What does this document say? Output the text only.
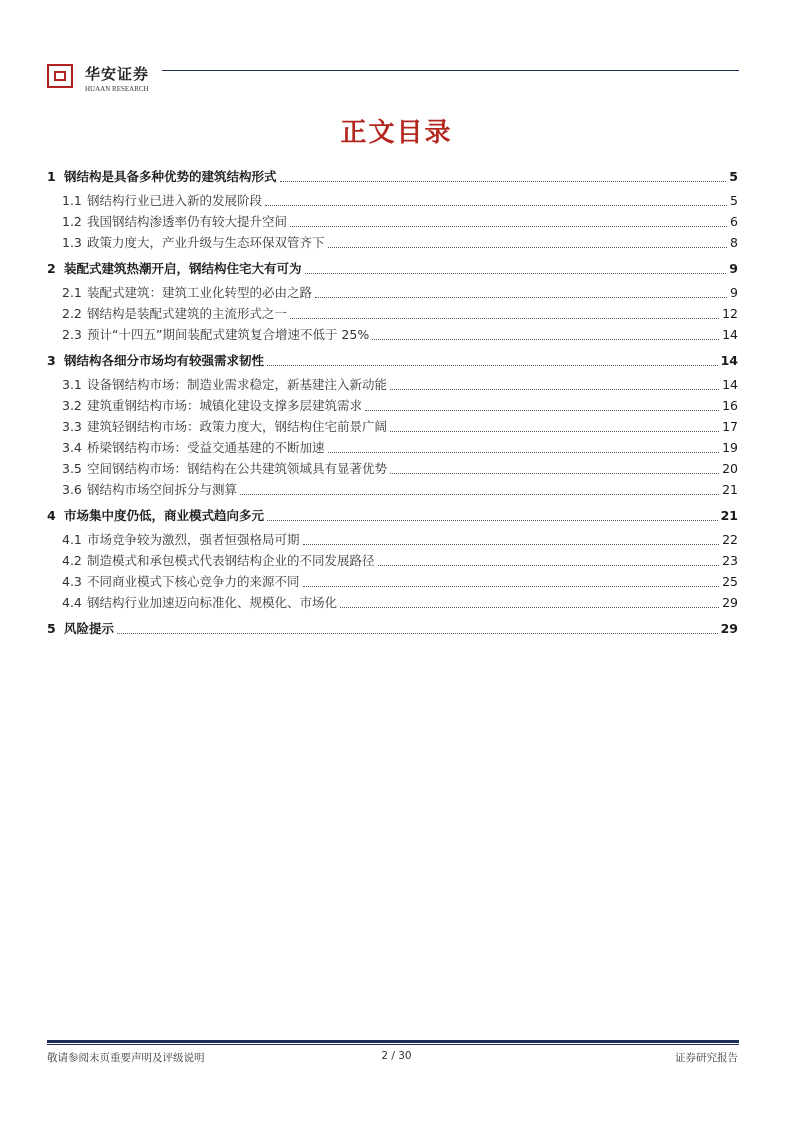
华安证券
HUAAN RESEARCH
正文目录
1 钢结构是具备多种优势的建筑结构形式	5
1.1 钢结构行业已进入新的发展阶段	5
1.2 我国钢结构渗透率仍有较大提升空间	6
1.3 政策力度大，产业升级与生态环保双管齐下	8
2 装配式建筑热潮开启，钢结构住宅大有可为	9
2.1 装配式建筑：建筑工业化转型的必由之路	9
2.2 钢结构是装配式建筑的主流形式之一	12
2.3 预计“十四五”期间装配式建筑复合增速不低于 25%	14
3 钢结构各细分市场均有较强需求韧性	14
3.1 设备钢结构市场：制造业需求稳定，新基建注入新动能	14
3.2 建筑重钢结构市场：城镇化建设支撑多层建筑需求	16
3.3 建筑轻钢结构市场：政策力度大，钢结构住宅前景广阔	17
3.4 桥梁钢结构市场：受益交通基建的不断加速	19
3.5 空间钢结构市场：钢结构在公共建筑领域具有显著优势	20
3.6 钢结构市场空间拆分与测算	21
4 市场集中度仍低，商业模式趋向多元	21
4.1 市场竞争较为激烈，强者恒强格局可期	22
4.2 制造模式和承包模式代表钢结构企业的不同发展路径	23
4.3 不同商业模式下核心竞争力的来源不同	25
4.4 钢结构行业加速迈向标准化、规模化、市场化	29
5 风险提示	29
敬请参阅末页重要声明及评级说明	2 / 30	证券研究报告
